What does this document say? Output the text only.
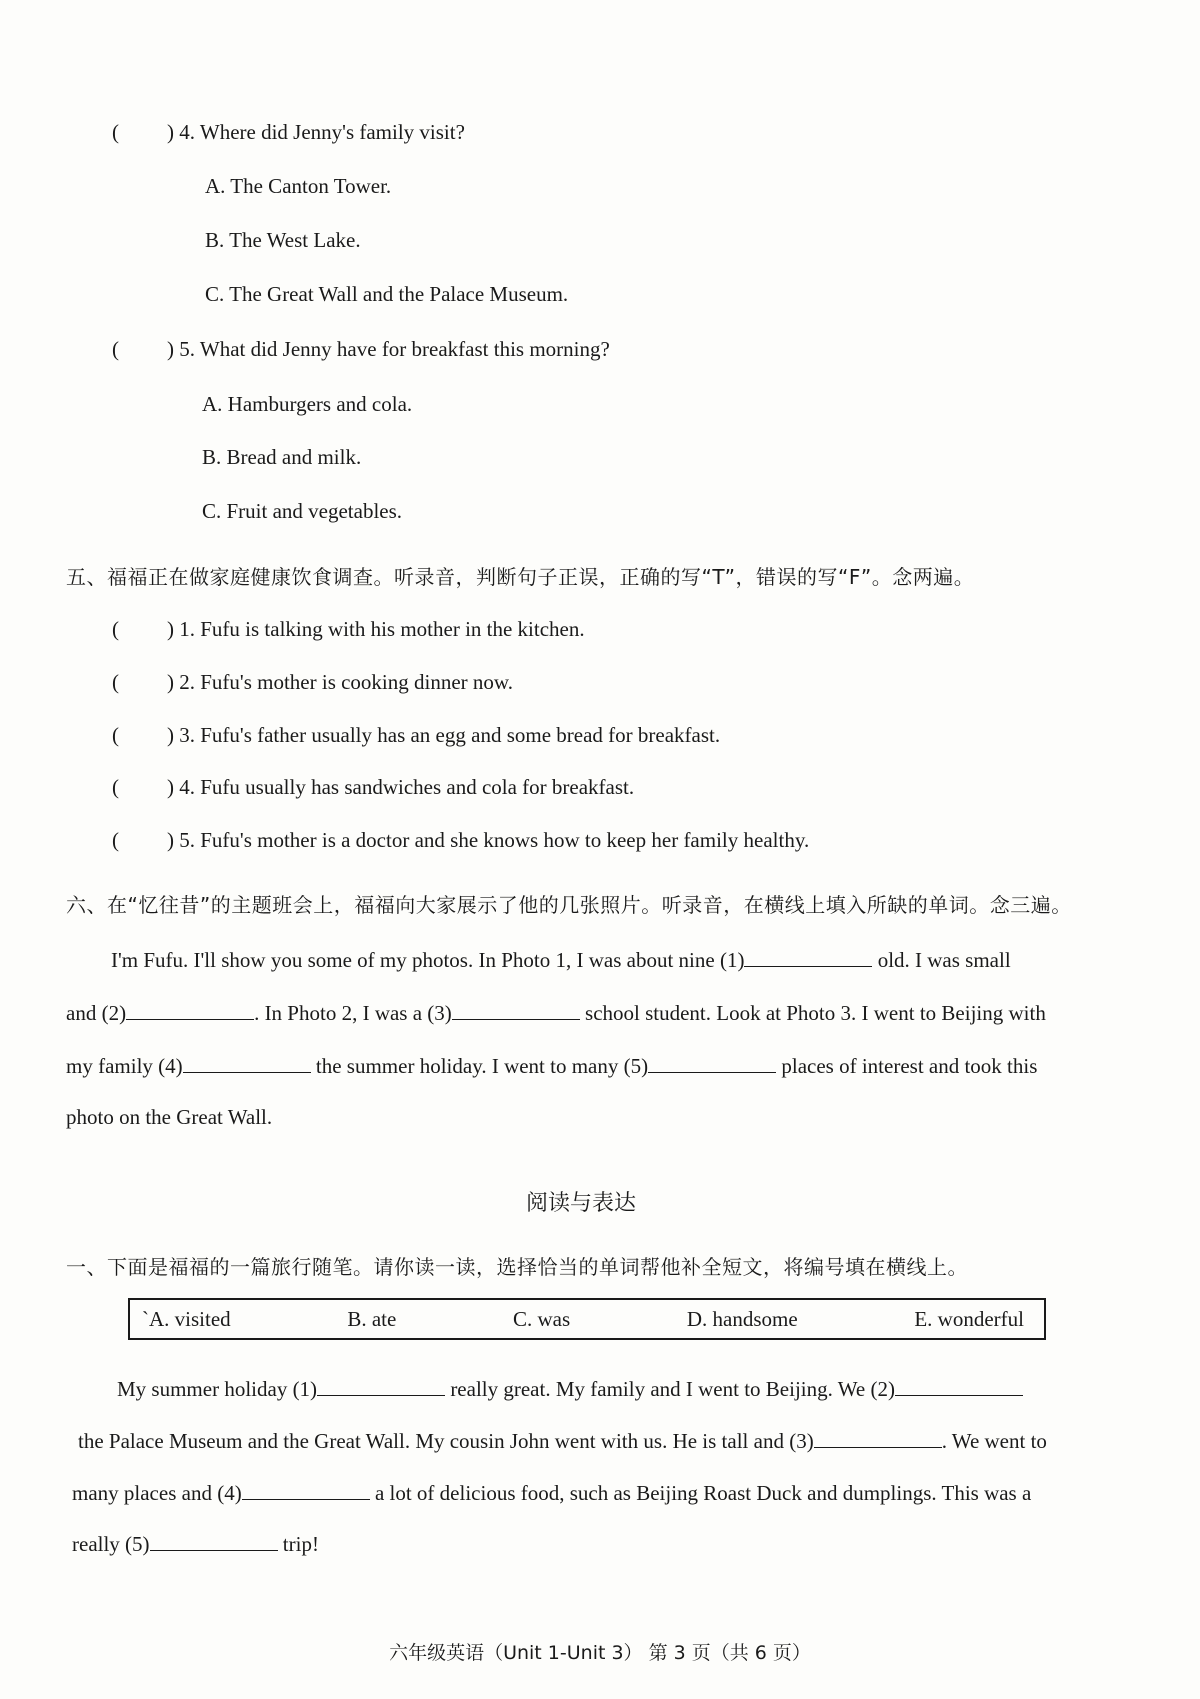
( ) 4. Where did Jenny's family visit?
A. The Canton Tower.
B. The West Lake.
C. The Great Wall and the Palace Museum.
( ) 5. What did Jenny have for breakfast this morning?
A. Hamburgers and cola.
B. Bread and milk.
C. Fruit and vegetables.
五、福福正在做家庭健康饮食调查。听录音，判断句子正误，正确的写“T”，错误的写“F”。念两遍。
( ) 1. Fufu is talking with his mother in the kitchen.
( ) 2. Fufu's mother is cooking dinner now.
( ) 3. Fufu's father usually has an egg and some bread for breakfast.
( ) 4. Fufu usually has sandwiches and cola for breakfast.
( ) 5. Fufu's mother is a doctor and she knows how to keep her family healthy.
六、在“忆往昔”的主题班会上，福福向大家展示了他的几张照片。听录音，在横线上填入所缺的单词。念三遍。
I'm Fufu. I'll show you some of my photos. In Photo 1, I was about nine (1)	old. I was small
and (2)	. In Photo 2, I was a (3)	school student. Look at Photo 3. I went to Beijing with
my family (4)	the summer holiday. I went to many (5)	places of interest and took this
photo on the Great Wall.
阅读与表达
一、下面是福福的一篇旅行随笔。请你读一读，选择恰当的单词帮他补全短文，将编号填在横线上。
`A. visited	B. ate	C. was	D. handsome	E. wonderful
My summer holiday (1)	really great. My family and I went to Beijing. We (2)
the Palace Museum and the Great Wall. My cousin John went with us. He is tall and (3)	. We went to
many places and (4)	a lot of delicious food, such as Beijing Roast Duck and dumplings. This was a
really (5)	trip!
六年级英语（Unit 1-Unit 3） 第 3 页（共 6 页）
